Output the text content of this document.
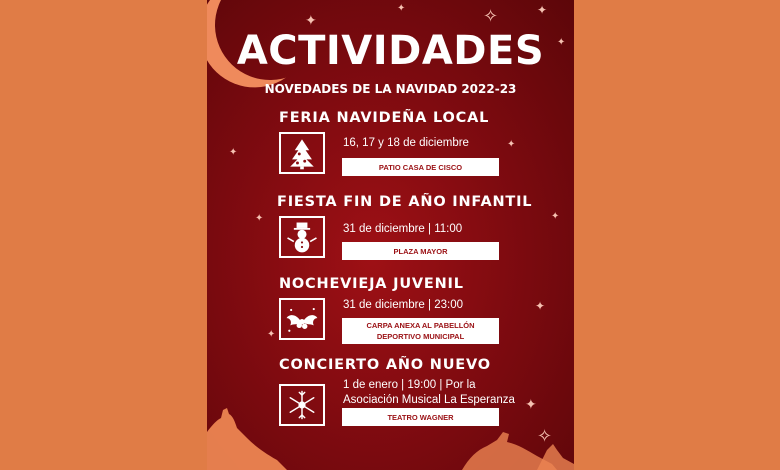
✦
✦	✧	✦
✦
✦
✦
✦	✦
✦
✦
✦
✧
ACTIVIDADES
NOVEDADES DE LA NAVIDAD 2022-23
FERIA NAVIDEÑA LOCAL
16, 17 y 18 de diciembre
PATIO CASA DE CISCO
FIESTA FIN DE AÑO INFANTIL
31 de diciembre | 11:00
PLAZA MAYOR
NOCHEVIEJA JUVENIL
31 de diciembre | 23:00
CARPA ANEXA AL PABELLÓN DEPORTIVO MUNICIPAL
CONCIERTO AÑO NUEVO
1 de enero | 19:00 | Por la Asociación Musical La Esperanza
TEATRO WAGNER
